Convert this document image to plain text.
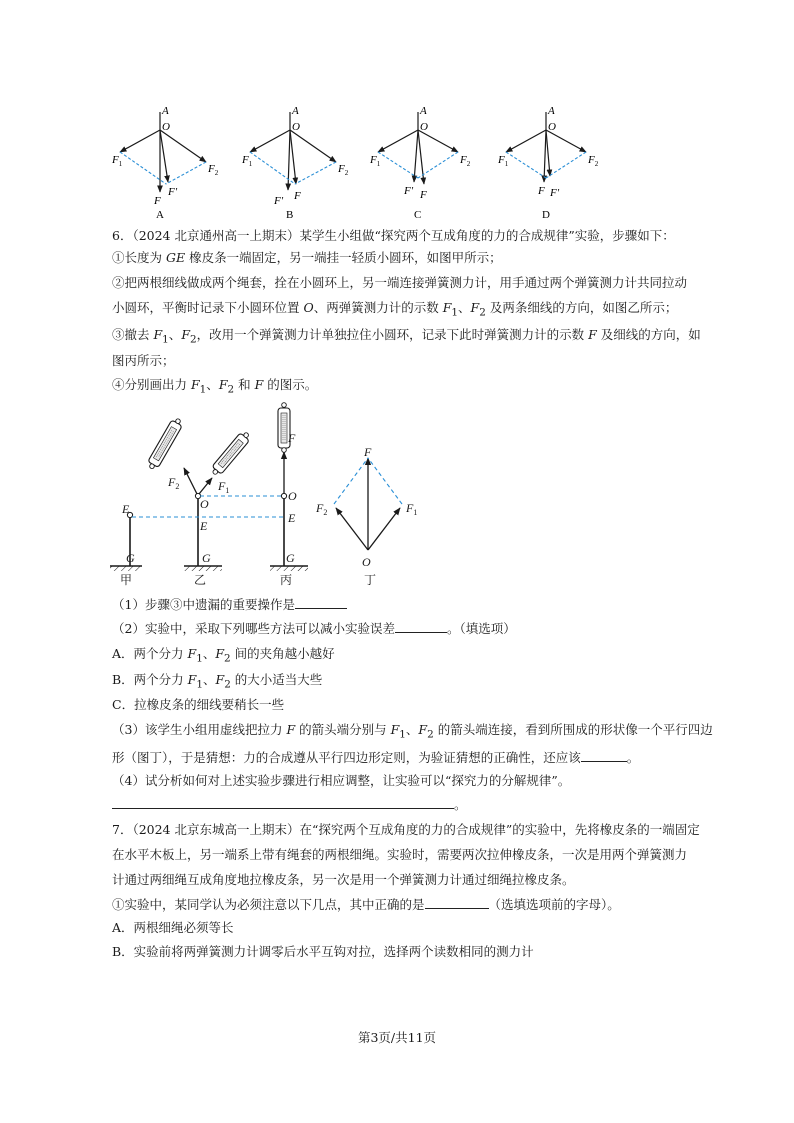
A
O
$F_1$	$F_2$
F
F'
A
A
O
$F_1$	$F_2$
F' F
B
A
O
$F_1$	$F_2$
F' F
C
A
O
$F_1$	$F_2$
F F'
D
6．（2024 北京通州高一上期末）某学生小组做“探究两个互成角度的力的合成规律”实验，步骤如下：
①长度为 GE 橡皮条一端固定，另一端挂一轻质小圆环，如图甲所示；
②把两根细线做成两个绳套，拴在小圆环上，另一端连接弹簧测力计，用手通过两个弹簧测力计共同拉动
小圆环，平衡时记录下小圆环位置 O、两弹簧测力计的示数 $F_1$、$F_2$ 及两条细线的方向，如图乙所示；
③撤去 $F_1$、$F_2$，改用一个弹簧测力计单独拉住小圆环，记录下此时弹簧测力计的示数 F 及细线的方向，如
图丙所示；
④分别画出力 $F_1$、$F_2$ 和 F 的图示。
E
G
O
E
G
$F_2$	$F_1$
F
O
E
G
F
$F_2$	$F_1$
O
甲	乙	丙	丁
（1）步骤③中遗漏的重要操作是
（2）实验中，采取下列哪些方法可以减小实验误差	。（填选项）
A．两个分力 $F_1$、$F_2$ 间的夹角越小越好
B．两个分力 $F_1$、$F_2$ 的大小适当大些
C．拉橡皮条的细线要稍长一些
（3）该学生小组用虚线把拉力 F 的箭头端分别与 $F_1$、$F_2$ 的箭头端连接，看到所围成的形状像一个平行四边
形（图丁），于是猜想：力的合成遵从平行四边形定则，为验证猜想的正确性，还应该	。
（4）试分析如何对上述实验步骤进行相应调整，让实验可以“探究力的分解规律”。
。
7．（2024 北京东城高一上期末）在“探究两个互成角度的力的合成规律”的实验中，先将橡皮条的一端固定
在水平木板上，另一端系上带有绳套的两根细绳。实验时，需要两次拉伸橡皮条，一次是用两个弹簧测力
计通过两细绳互成角度地拉橡皮条，另一次是用一个弹簧测力计通过细绳拉橡皮条。
①实验中，某同学认为必须注意以下几点，其中正确的是	（选填选项前的字母）。
A．两根细绳必须等长
B．实验前将两弹簧测力计调零后水平互钩对拉，选择两个读数相同的测力计
第3页/共11页
